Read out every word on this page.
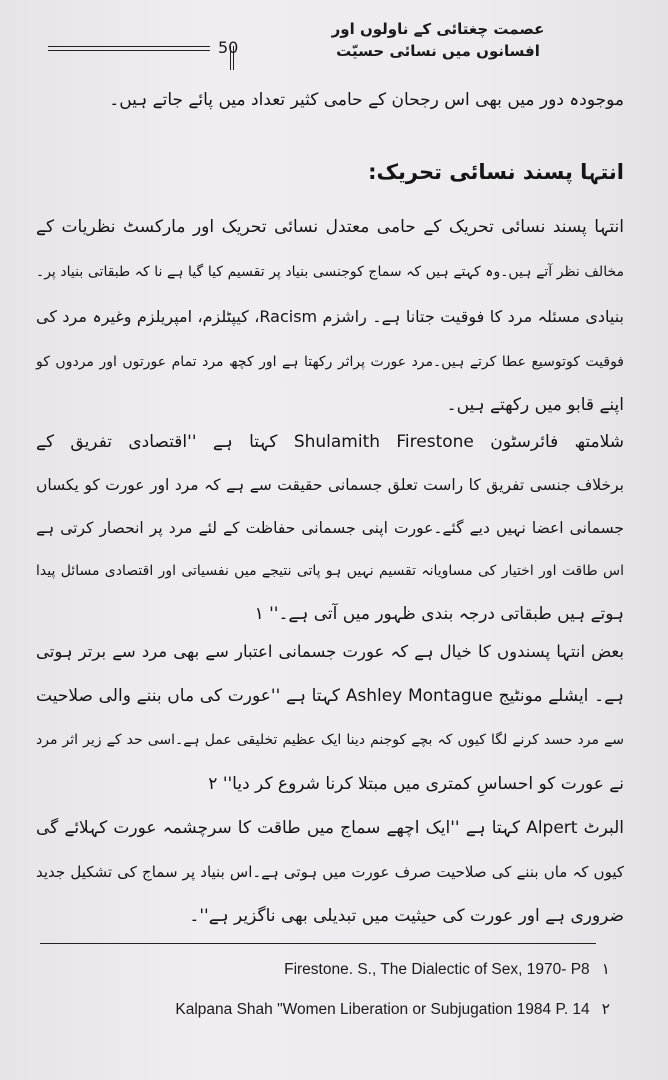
50
عصمت چغتائی کے ناولوں اور
افسانوں میں نسائی حسیّت
موجودہ دور میں بھی اس رجحان کے حامی کثیر تعداد میں پائے جاتے ہیں۔
انتہا پسند نسائی تحریک:
انتہا پسند نسائی تحریک کے حامی معتدل نسائی تحریک اور مارکسٹ نظریات کے
مخالف نظر آتے ہیں۔وہ کہتے ہیں کہ سماج کوجنسی بنیاد پر تقسیم کیا گیا ہے نا کہ طبقاتی بنیاد پر۔
بنیادی مسئلہ مرد کا فوقیت جتانا ہے۔ راشزم Racism، کیپٹلزم، امپریلزم وغیرہ مرد کی
فوقیت کوتوسیع عطا کرتے ہیں۔مرد عورت پراثر رکھتا ہے اور کچھ مرد تمام عورتوں اور مردوں کو
اپنے قابو میں رکھتے ہیں۔
شلامتھ فائرسٹون Shulamith Firestone کہتا ہے ''اقتصادی تفریق کے
برخلاف جنسی تفریق کا راست تعلق جسمانی حقیقت سے ہے کہ مرد اور عورت کو یکساں
جسمانی اعضا نہیں دیے گئے۔عورت اپنی جسمانی حفاظت کے لئے مرد پر انحصار کرتی ہے
اس طاقت اور اختیار کی مساویانہ تقسیم نہیں ہو پاتی نتیجے میں نفسیاتی اور اقتصادی مسائل پیدا
ہوتے ہیں طبقاتی درجہ بندی ظہور میں آتی ہے۔'' ۱
بعض انتہا پسندوں کا خیال ہے کہ عورت جسمانی اعتبار سے بھی مرد سے برتر ہوتی
ہے۔ ایشلے مونٹیج Ashley Montague کہتا ہے ''عورت کی ماں بننے والی صلاحیت
سے مرد حسد کرنے لگا کیوں کہ بچے کوجنم دینا ایک عظیم تخلیقی عمل ہے۔اسی حد کے زیر اثر مرد
نے عورت کو احساسِ کمتری میں مبتلا کرنا شروع کر دیا'' ۲
البرٹ Alpert کہتا ہے ''ایک اچھے سماج میں طاقت کا سرچشمہ عورت کہلائے گی
کیوں کہ ماں بننے کی صلاحیت صرف عورت میں ہوتی ہے۔اس بنیاد پر سماج کی تشکیل جدید
ضروری ہے اور عورت کی حیثیت میں تبدیلی بھی ناگزیر ہے''۔
Firestone. S., The Dialectic of Sex, 1970- P8 ۱
Kalpana Shah "Women Liberation or Subjugation 1984 P. 14 ۲
